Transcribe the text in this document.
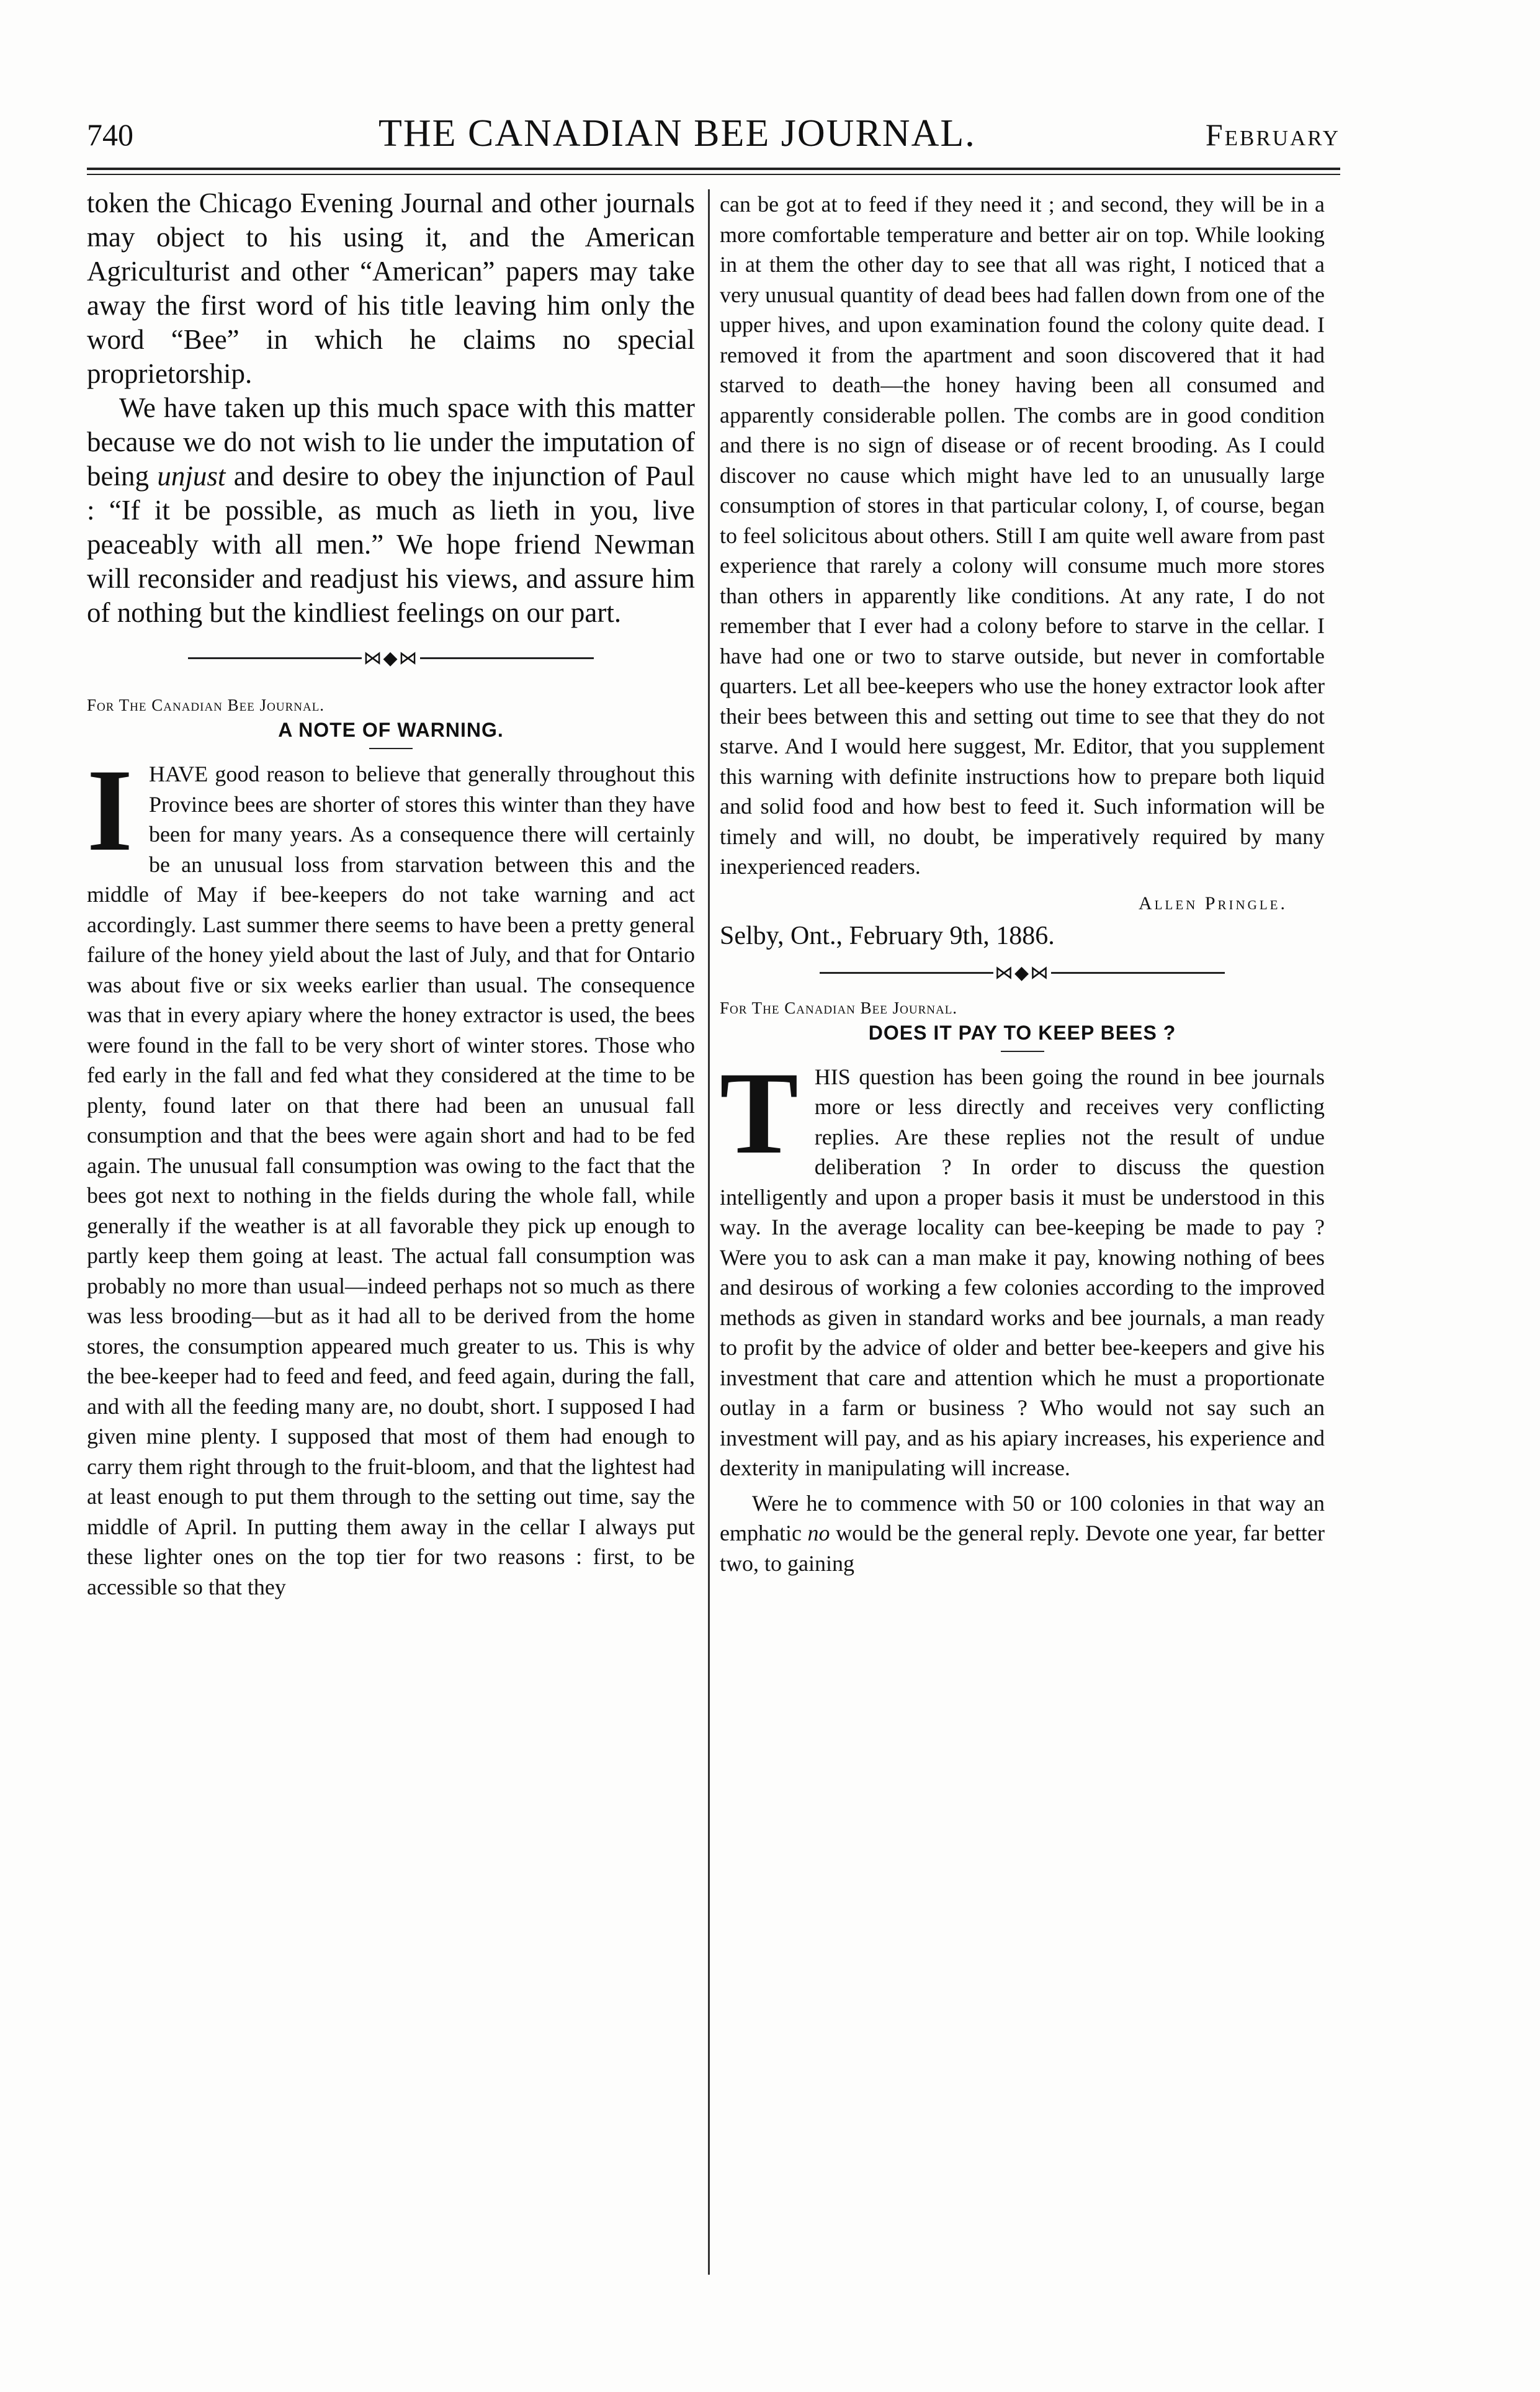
740	THE CANADIAN BEE JOURNAL.	February

token the Chicago Evening Journal and other journals may object to his using it, and the American Agriculturist and other “American” papers may take away the first word of his title leaving him only the word “Bee” in which he claims no special proprietorship.

We have taken up this much space with this matter because we do not wish to lie under the imputation of being unjust and desire to obey the injunction of Paul : “If it be possible, as much as lieth in you, live peaceably with all men.” We hope friend Newman will reconsider and readjust his views, and assure him of nothing but the kindliest feelings on our part.

⋈◆⋈
For The Canadian Bee Journal.
A NOTE OF WARNING.

IHAVE good reason to believe that generally throughout this Province bees are shorter of stores this winter than they have been for many years. As a consequence there will certainly be an unusual loss from starvation between this and the middle of May if bee-keepers do not take warning and act accordingly. Last summer there seems to have been a pretty general failure of the honey yield about the last of July, and that for Ontario was about five or six weeks earlier than usual. The consequence was that in every apiary where the honey extractor is used, the bees were found in the fall to be very short of winter stores. Those who fed early in the fall and fed what they considered at the time to be plenty, found later on that there had been an unusual fall consumption and that the bees were again short and had to be fed again. The unusual fall consumption was owing to the fact that the bees got next to nothing in the fields during the whole fall, while generally if the weather is at all favorable they pick up enough to partly keep them going at least. The actual fall consumption was probably no more than usual—indeed perhaps not so much as there was less brooding—but as it had all to be derived from the home stores, the consumption appeared much greater to us. This is why the bee-keeper had to feed and feed, and feed again, during the fall, and with all the feeding many are, no doubt, short. I supposed I had given mine plenty. I supposed that most of them had enough to carry them right through to the fruit-bloom, and that the lightest had at least enough to put them through to the setting out time, say the middle of April. In putting them away in the cellar I always put these lighter ones on the top tier for two reasons : first, to be accessible so that they

can be got at to feed if they need it ; and second, they will be in a more comfortable temperature and better air on top. While looking in at them the other day to see that all was right, I noticed that a very unusual quantity of dead bees had fallen down from one of the upper hives, and upon examination found the colony quite dead. I removed it from the apartment and soon discovered that it had starved to death—the honey having been all consumed and apparently considerable pollen. The combs are in good condition and there is no sign of disease or of recent brooding. As I could discover no cause which might have led to an unusually large consumption of stores in that particular colony, I, of course, began to feel solicitous about others. Still I am quite well aware from past experience that rarely a colony will consume much more stores than others in apparently like conditions. At any rate, I do not remember that I ever had a colony before to starve in the cellar. I have had one or two to starve outside, but never in comfortable quarters. Let all bee-keepers who use the honey extractor look after their bees between this and setting out time to see that they do not starve. And I would here suggest, Mr. Editor, that you supplement this warning with definite instructions how to prepare both liquid and solid food and how best to feed it. Such information will be timely and will, no doubt, be imperatively required by many inexperienced readers.

Allen Pringle.

Selby, Ont., February 9th, 1886.

⋈◆⋈
For The Canadian Bee Journal.
DOES IT PAY TO KEEP BEES ?

THIS question has been going the round in bee journals more or less directly and receives very conflicting replies. Are these replies not the result of undue deliberation ? In order to discuss the question intelligently and upon a proper basis it must be understood in this way. In the average locality can bee-keeping be made to pay ? Were you to ask can a man make it pay, knowing nothing of bees and desirous of working a few colonies according to the improved methods as given in standard works and bee journals, a man ready to profit by the advice of older and better bee-keepers and give his investment that care and attention which he must a proportionate outlay in a farm or business ? Who would not say such an investment will pay, and as his apiary increases, his experience and dexterity in manipulating will increase.

Were he to commence with 50 or 100 colonies in that way an emphatic no would be the general reply. Devote one year, far better two, to gaining
